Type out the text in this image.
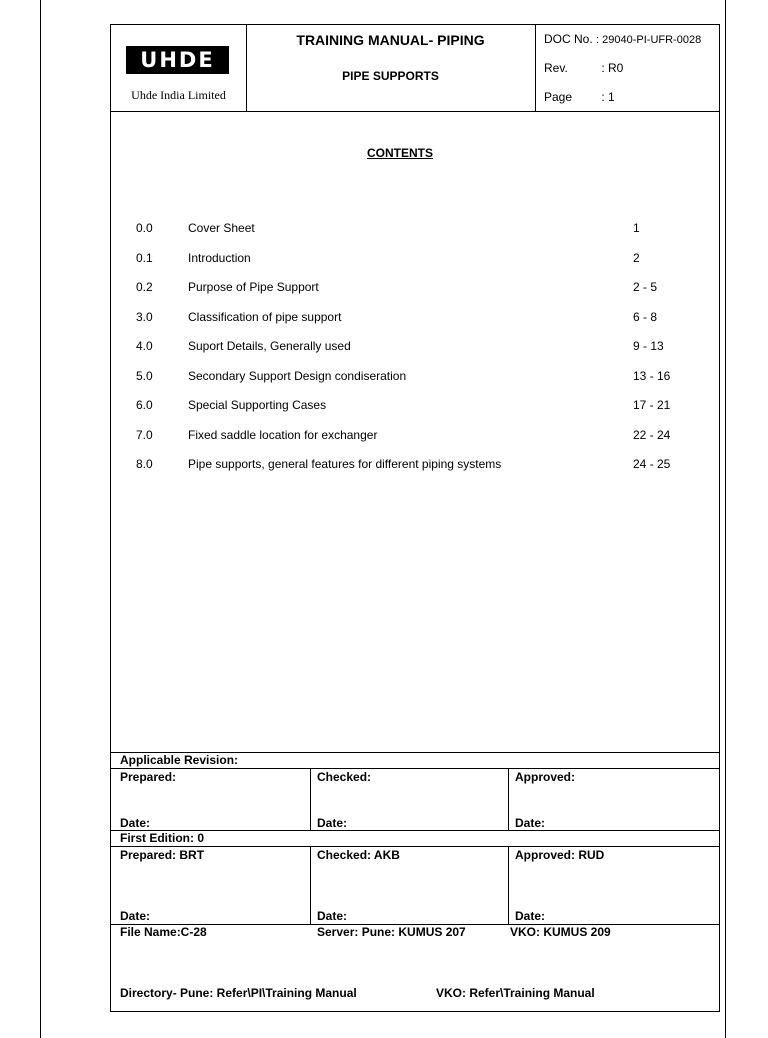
UHDE
Uhde India Limited
TRAINING MANUAL- PIPING
PIPE SUPPORTS
DOC No. : 29040-PI-UFR-0028
Rev.	: R0
Page : 1
CONTENTS
0.0	Cover Sheet	1
0.1	Introduction	2
0.2	Purpose of Pipe Support	2 - 5
3.0	Classification of pipe support	6 - 8
4.0	Suport Details, Generally used	9 - 13
5.0	Secondary Support Design condiseration	13 - 16
6.0	Special Supporting Cases	17 - 21
7.0	Fixed saddle location for exchanger	22 - 24
8.0	Pipe supports, general features for different piping systems	24 - 25
Applicable Revision:
Prepared:	Checked:	Approved:
Date:	Date:	Date:
First Edition: 0
Prepared: BRT	Checked: AKB	Approved: RUD
Date:	Date:	Date:
File Name:C-28	Server: Pune: KUMUS 207	VKO: KUMUS 209
Directory- Pune: Refer\PI\Training Manual	VKO: Refer\Training Manual
